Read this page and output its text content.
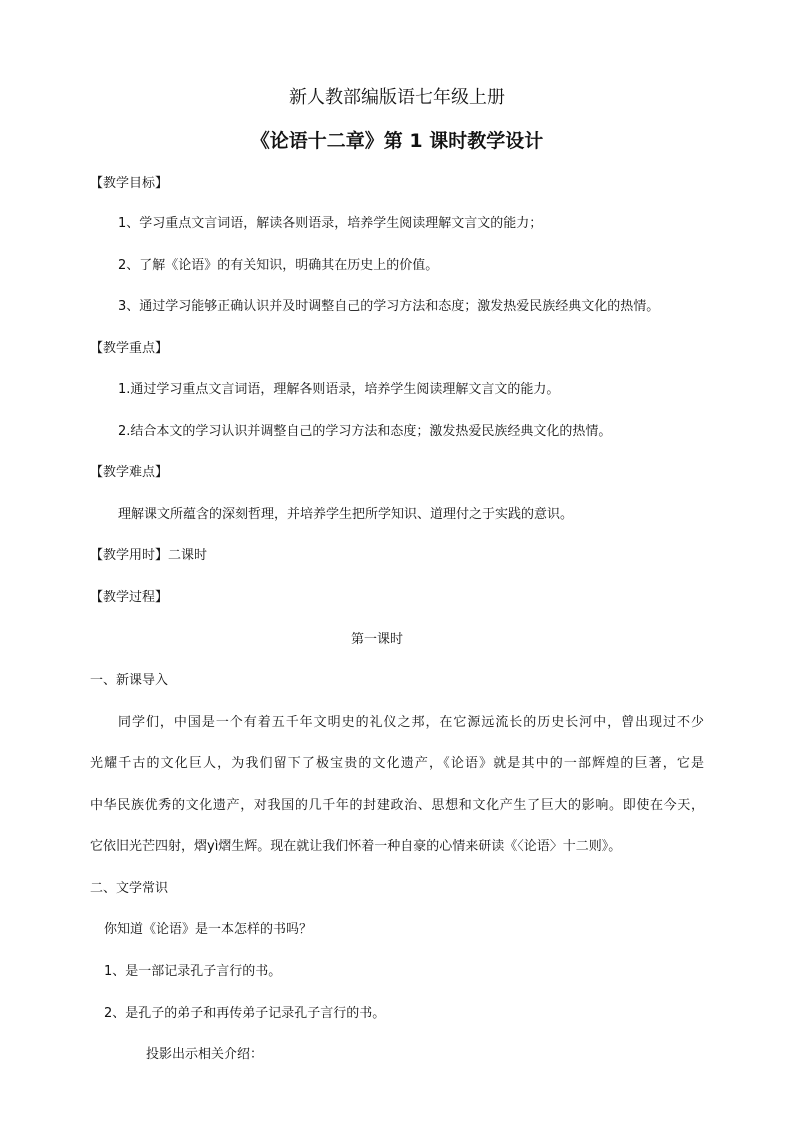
新人教部编版语七年级上册
《论语十二章》第 1 课时教学设计
【教学目标】
1、学习重点文言词语，解读各则语录，培养学生阅读理解文言文的能力；
2、了解《论语》的有关知识，明确其在历史上的价值。
3、通过学习能够正确认识并及时调整自己的学习方法和态度；激发热爱民族经典文化的热情。
【教学重点】
1.通过学习重点文言词语，理解各则语录，培养学生阅读理解文言文的能力。
2.结合本文的学习认识并调整自己的学习方法和态度；激发热爱民族经典文化的热情。
【教学难点】
理解课文所蕴含的深刻哲理，并培养学生把所学知识、道理付之于实践的意识。
【教学用时】二课时
【教学过程】
第一课时
一、新课导入
同学们，中国是一个有着五千年文明史的礼仪之邦，在它源远流长的历史长河中，曾出现过不少
光耀千古的文化巨人，为我们留下了极宝贵的文化遗产，《论语》就是其中的一部辉煌的巨著，它是
中华民族优秀的文化遗产，对我国的几千年的封建政治、思想和文化产生了巨大的影响。即使在今天，
它依旧光芒四射，熠yì熠生辉。现在就让我们怀着一种自豪的心情来研读《〈论语〉十二则》。
二、文学常识
你知道《论语》是一本怎样的书吗？
1、是一部记录孔子言行的书。
2、是孔子的弟子和再传弟子记录孔子言行的书。
投影出示相关介绍：
